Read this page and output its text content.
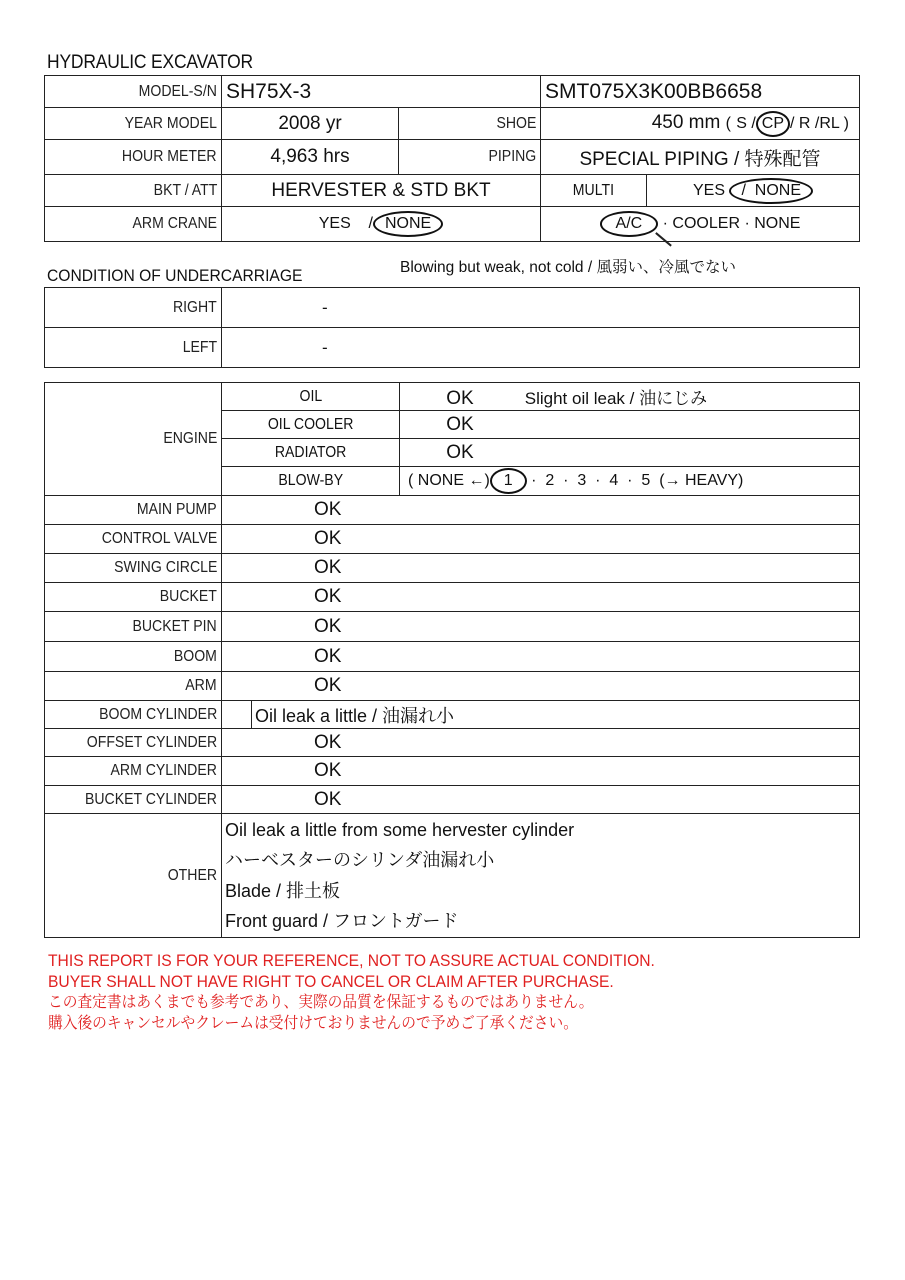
HYDRAULIC EXCAVATOR
MODEL-S/N	SH75X-3		SMT075X3K00BB6658	
YEAR MODEL	2008 yr	SHOE	450 mm ( S / CP / R /RL )	
HOUR METER	4,963 hrs	PIPING	SPECIAL PIPING / 特殊配管	
BKT / ATT	HERVESTER & STD BKT		MULTI	YES / NONE
ARM CRANE	YES / NONE		A/C · COOLER · NONE	
Blowing but weak, not cold / 風弱い、冷風でない
CONDITION OF UNDERCARRIAGE
RIGHT	-
LEFT	-
ENGINE	OIL		OK Slight oil leak / 油にじみ
	OIL COOLER		OK
	RADIATOR		OK
	BLOW-BY		( NONE ←) 1 ·  2  ·  3  ·  4  ·  5 (→ HEAVY)
MAIN PUMP	OK		
CONTROL VALVE	OK		
SWING CIRCLE	OK		
BUCKET	OK		
BUCKET PIN	OK		
BOOM	OK		
ARM	OK		
BOOM CYLINDER		Oil leak a little / 油漏れ小	
OFFSET CYLINDER	OK		
ARM CYLINDER	OK		
BUCKET CYLINDER	OK		
OTHER	Oil leak a little from some hervester cylinder
ハーベスターのシリンダ油漏れ小
Blade / 排土板
Front guard / フロントガード		
THIS REPORT IS FOR YOUR REFERENCE, NOT TO ASSURE ACTUAL CONDITION.
BUYER SHALL NOT HAVE RIGHT TO CANCEL OR CLAIM AFTER PURCHASE.
この査定書はあくまでも参考であり、実際の品質を保証するものではありません。
購入後のキャンセルやクレームは受付けておりませんので予めご了承ください。
